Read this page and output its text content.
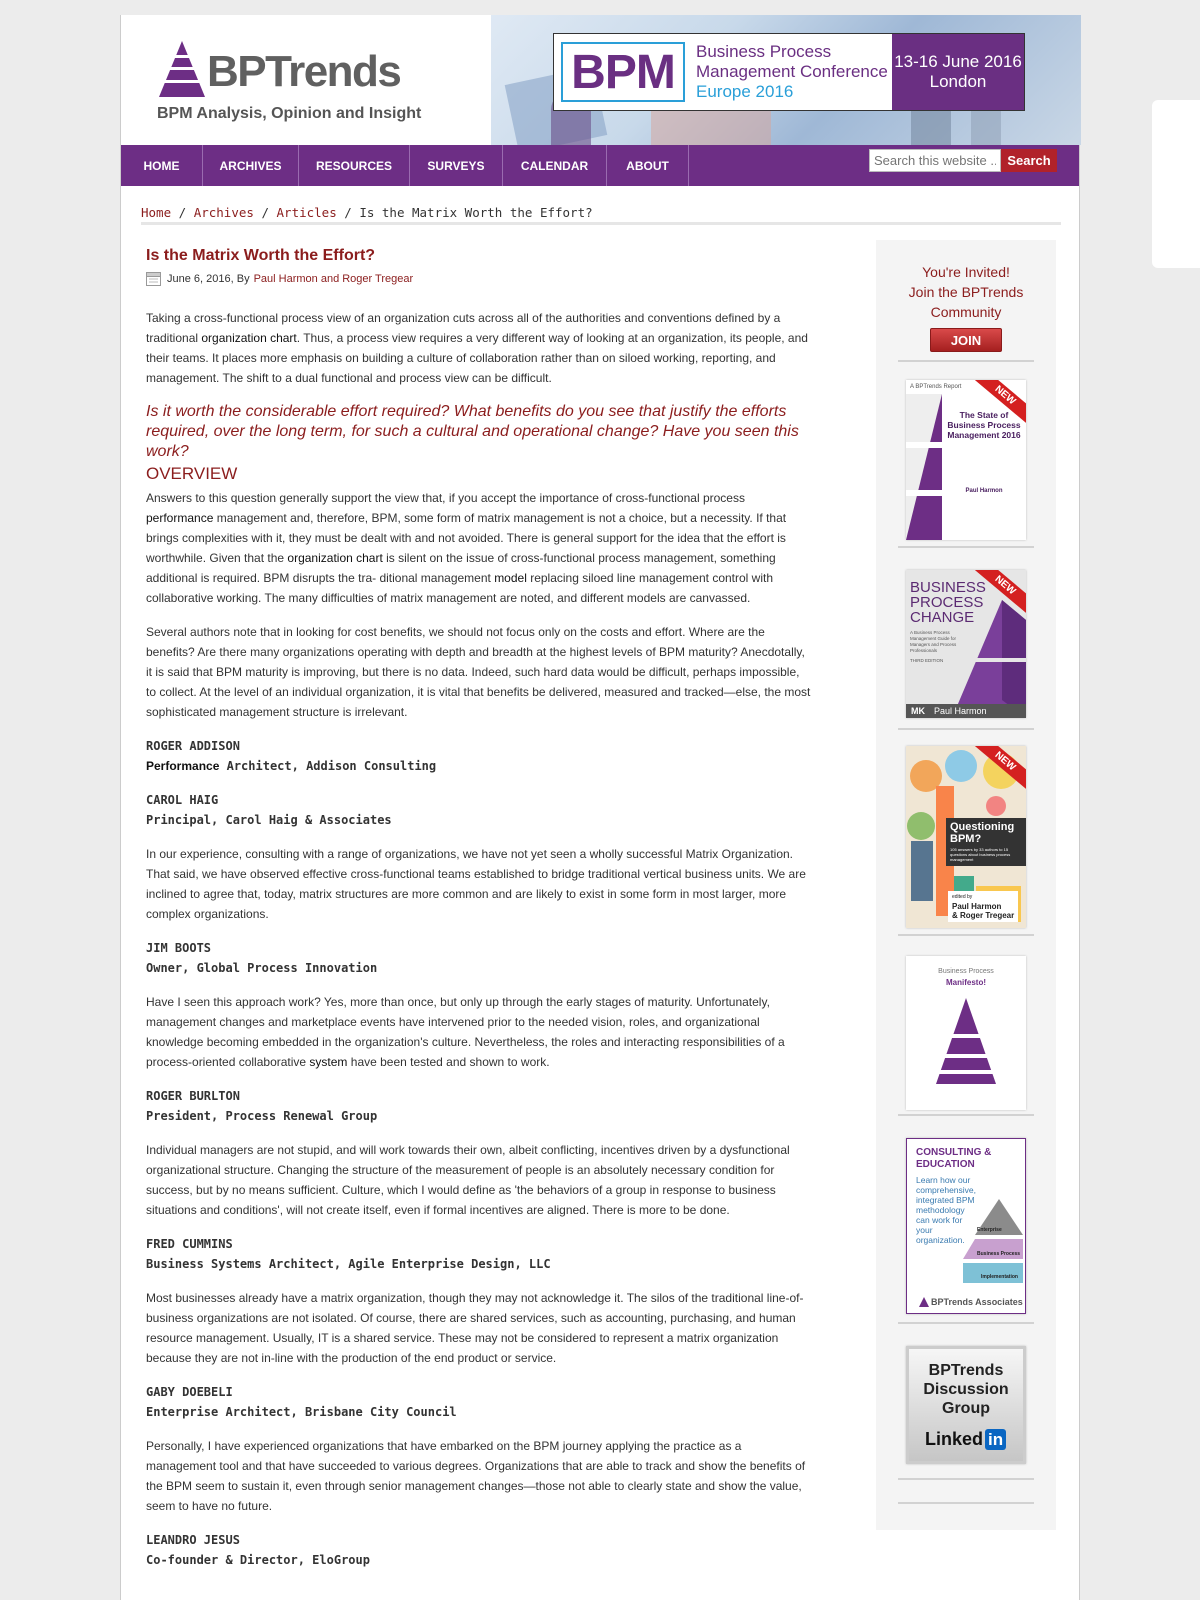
BPTrends
BPM Analysis, Opinion and Insight
BPM	Business Process
Management Conference
Europe 2016
13-16 June 2016
London
HOME	ARCHIVES	RESOURCES	SURVEYS	CALENDAR	ABOUT
Search this website ...	Search
Home / Archives / Articles / Is the Matrix Worth the Effort?
Is the Matrix Worth the Effort?
June 6, 2016 , By Paul Harmon and Roger Tregear
Taking a cross-functional process view of an organization cuts across all of the authorities and conventions defined by a traditional organization chart. Thus, a process view requires a very different way of looking at an organization, its people, and their teams. It places more emphasis on building a culture of collaboration rather than on siloed working, reporting, and management. The shift to a dual functional and process view can be difficult.
Is it worth the considerable effort required? What benefits do you see that justify the efforts required, over the long term, for such a cultural and operational change? Have you seen this work?
OVERVIEW
Answers to this question generally support the view that, if you accept the importance of cross-functional process performance management and, therefore, BPM, some form of matrix management is not a choice, but a necessity. If that brings complexities with it, they must be dealt with and not avoided. There is general support for the idea that the effort is worthwhile. Given that the organization chart is silent on the issue of cross-functional process management, something additional is required. BPM disrupts the tra- ditional management model replacing siloed line management control with collaborative working. The many difficulties of matrix management are noted, and different models are canvassed.
Several authors note that in looking for cost benefits, we should not focus only on the costs and effort. Where are the benefits? Are there many organizations operating with depth and breadth at the highest levels of BPM maturity? Anecdotally, it is said that BPM maturity is improving, but there is no data. Indeed, such hard data would be difficult, perhaps impossible, to collect. At the level of an individual organization, it is vital that benefits be delivered, measured and tracked—else, the most sophisticated management structure is irrelevant.
ROGER ADDISON
Performance Architect, Addison Consulting
CAROL HAIG
Principal, Carol Haig & Associates
In our experience, consulting with a range of organizations, we have not yet seen a wholly successful Matrix Organization. That said, we have observed effective cross-functional teams established to bridge traditional vertical business units. We are inclined to agree that, today, matrix structures are more common and are likely to exist in some form in most larger, more complex organizations.
JIM BOOTS
Owner, Global Process Innovation
Have I seen this approach work? Yes, more than once, but only up through the early stages of maturity. Unfortunately, management changes and marketplace events have intervened prior to the needed vision, roles, and organizational knowledge becoming embedded in the organization's culture. Nevertheless, the roles and interacting responsibilities of a process-oriented collaborative system have been tested and shown to work.
ROGER BURLTON
President, Process Renewal Group
Individual managers are not stupid, and will work towards their own, albeit conflicting, incentives driven by a dysfunctional organizational structure. Changing the structure of the measurement of people is an absolutely necessary condition for success, but by no means sufficient. Culture, which I would define as 'the behaviors of a group in response to business situations and conditions', will not create itself, even if formal incentives are aligned. There is more to be done.
FRED CUMMINS
Business Systems Architect, Agile Enterprise Design, LLC
Most businesses already have a matrix organization, though they may not acknowledge it. The silos of the traditional line-of-business organizations are not isolated. Of course, there are shared services, such as accounting, purchasing, and human resource management. Usually, IT is a shared service. These may not be considered to represent a matrix organization because they are not in-line with the production of the end product or service.
GABY DOEBELI
Enterprise Architect, Brisbane City Council
Personally, I have experienced organizations that have embarked on the BPM journey applying the practice as a management tool and that have succeeded to various degrees. Organizations that are able to track and show the benefits of the BPM seem to sustain it, even through senior management changes—those not able to clearly state and show the value, seem to have no future.
LEANDRO JESUS
Co-founder & Director, EloGroup
You're Invited!
Join the BPTrends
Community
JOIN
A BPTrends Report
The State of Business Process Management 2016
Paul Harmon
NEW
BUSINESS
PROCESS
CHANGE
A Business Process Management Guide for Managers and Process Professionals
THIRD EDITION
MK Paul Harmon
NEW
Questioning BPM?
105 answers by 33 authors to 15 questions about business process management
edited by
Paul Harmon
& Roger Tregear
NEW
Business Process
Manifesto!
CONSULTING & EDUCATION
Learn how our comprehensive, integrated BPM methodology can work for your organization.
Enterprise
Business Process
Implementation
BPTrends Associates
BPTrends
Discussion
Group
Linked in
